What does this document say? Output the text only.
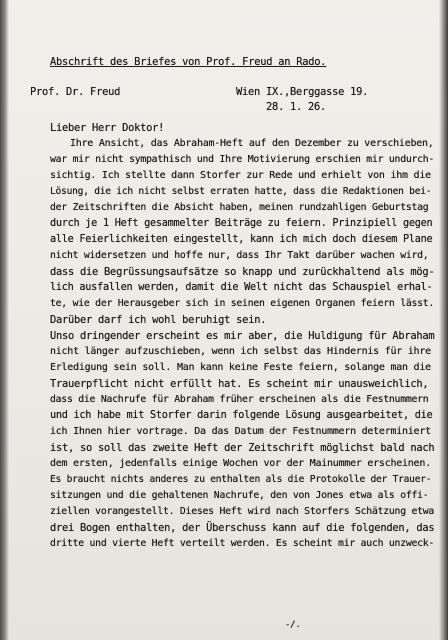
Abschrift des Briefes von Prof. Freud an Rado.
Prof. Dr. Freud	Wien IX.,Berggasse 19.
28. 1. 26.
Lieber Herr Doktor!
Ihre Ansicht, das Abraham-Heft auf den Dezember zu verschieben,
war mir nicht sympathisch und Ihre Motivierung erschien mir undurch-
sichtig. Ich stellte dann Storfer zur Rede und erhielt von ihm die
Lösung, die ich nicht selbst erraten hatte, dass die Redaktionen bei-
der Zeitschriften die Absicht haben, meinen rundzahligen Geburtstag
durch je 1 Heft gesammelter Beiträge zu feiern. Prinzipiell gegen
alle Feierlichkeiten eingestellt, kann ich mich doch diesem Plane
nicht widersetzen und hoffe nur, dass Ihr Takt darüber wachen wird,
dass die Begrüssungsaufsätze so knapp und zurückhaltend als mög-
lich ausfallen werden, damit die Welt nicht das Schauspiel erhal-
te, wie der Herausgeber sich in seinen eigenen Organen feiern lässt.
Darüber darf ich wohl beruhigt sein.
Unso dringender erscheint es mir aber, die Huldigung für Abraham
nicht länger aufzuschieben, wenn ich selbst das Hindernis für ihre
Erledigung sein soll. Man kann keine Feste feiern, solange man die
Trauerpflicht nicht erfüllt hat. Es scheint mir unausweichlich,
dass die Nachrufe für Abraham früher erscheinen als die Festnummern
und ich habe mit Storfer darin folgende Lösung ausgearbeitet, die
ich Ihnen hier vortrage. Da das Datum der Festnummern determiniert
ist, so soll das zweite Heft der Zeitschrift möglichst bald nach
dem ersten, jedenfalls einige Wochen vor der Mainummer erscheinen.
Es braucht nichts anderes zu enthalten als die Protokolle der Trauer-
sitzungen und die gehaltenen Nachrufe, den von Jones etwa als offi-
ziellen vorangestellt. Dieses Heft wird nach Storfers Schätzung etwa
drei Bogen enthalten, der Überschuss kann auf die folgenden, das
dritte und vierte Heft verteilt werden. Es scheint mir auch unzweck-
-/.
